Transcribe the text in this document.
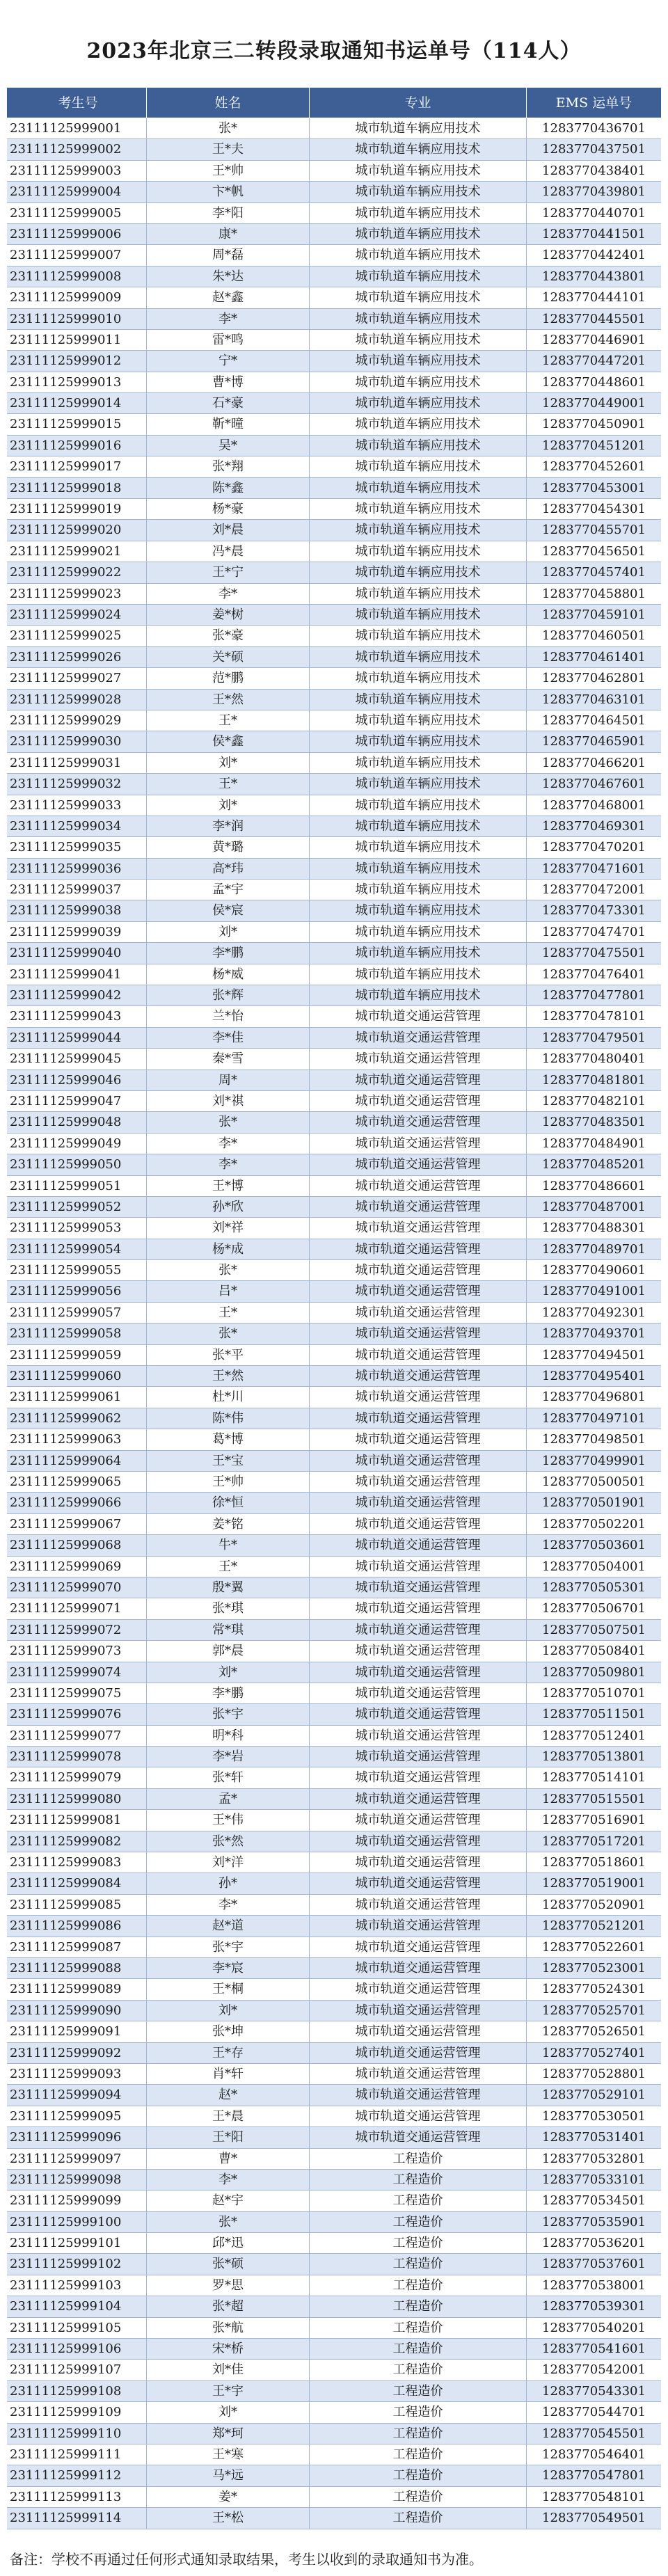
2023年北京三二转段录取通知书运单号（114人）
考生号	姓名	专业	EMS 运单号
23111125999001	张*	城市轨道车辆应用技术	1283770436701
23111125999002	王*夫	城市轨道车辆应用技术	1283770437501
23111125999003	王*帅	城市轨道车辆应用技术	1283770438401
23111125999004	卞*帆	城市轨道车辆应用技术	1283770439801
23111125999005	李*阳	城市轨道车辆应用技术	1283770440701
23111125999006	康*	城市轨道车辆应用技术	1283770441501
23111125999007	周*磊	城市轨道车辆应用技术	1283770442401
23111125999008	朱*达	城市轨道车辆应用技术	1283770443801
23111125999009	赵*鑫	城市轨道车辆应用技术	1283770444101
23111125999010	李*	城市轨道车辆应用技术	1283770445501
23111125999011	雷*鸣	城市轨道车辆应用技术	1283770446901
23111125999012	宁*	城市轨道车辆应用技术	1283770447201
23111125999013	曹*博	城市轨道车辆应用技术	1283770448601
23111125999014	石*豪	城市轨道车辆应用技术	1283770449001
23111125999015	靳*曈	城市轨道车辆应用技术	1283770450901
23111125999016	吴*	城市轨道车辆应用技术	1283770451201
23111125999017	张*翔	城市轨道车辆应用技术	1283770452601
23111125999018	陈*鑫	城市轨道车辆应用技术	1283770453001
23111125999019	杨*豪	城市轨道车辆应用技术	1283770454301
23111125999020	刘*晨	城市轨道车辆应用技术	1283770455701
23111125999021	冯*晨	城市轨道车辆应用技术	1283770456501
23111125999022	王*宁	城市轨道车辆应用技术	1283770457401
23111125999023	李*	城市轨道车辆应用技术	1283770458801
23111125999024	姜*树	城市轨道车辆应用技术	1283770459101
23111125999025	张*豪	城市轨道车辆应用技术	1283770460501
23111125999026	关*硕	城市轨道车辆应用技术	1283770461401
23111125999027	范*鹏	城市轨道车辆应用技术	1283770462801
23111125999028	王*然	城市轨道车辆应用技术	1283770463101
23111125999029	王*	城市轨道车辆应用技术	1283770464501
23111125999030	侯*鑫	城市轨道车辆应用技术	1283770465901
23111125999031	刘*	城市轨道车辆应用技术	1283770466201
23111125999032	王*	城市轨道车辆应用技术	1283770467601
23111125999033	刘*	城市轨道车辆应用技术	1283770468001
23111125999034	李*润	城市轨道车辆应用技术	1283770469301
23111125999035	黄*璐	城市轨道车辆应用技术	1283770470201
23111125999036	高*玮	城市轨道车辆应用技术	1283770471601
23111125999037	孟*宇	城市轨道车辆应用技术	1283770472001
23111125999038	侯*宸	城市轨道车辆应用技术	1283770473301
23111125999039	刘*	城市轨道车辆应用技术	1283770474701
23111125999040	李*鹏	城市轨道车辆应用技术	1283770475501
23111125999041	杨*威	城市轨道车辆应用技术	1283770476401
23111125999042	张*辉	城市轨道车辆应用技术	1283770477801
23111125999043	兰*怡	城市轨道交通运营管理	1283770478101
23111125999044	李*佳	城市轨道交通运营管理	1283770479501
23111125999045	秦*雪	城市轨道交通运营管理	1283770480401
23111125999046	周*	城市轨道交通运营管理	1283770481801
23111125999047	刘*祺	城市轨道交通运营管理	1283770482101
23111125999048	张*	城市轨道交通运营管理	1283770483501
23111125999049	李*	城市轨道交通运营管理	1283770484901
23111125999050	李*	城市轨道交通运营管理	1283770485201
23111125999051	王*博	城市轨道交通运营管理	1283770486601
23111125999052	孙*欣	城市轨道交通运营管理	1283770487001
23111125999053	刘*祥	城市轨道交通运营管理	1283770488301
23111125999054	杨*成	城市轨道交通运营管理	1283770489701
23111125999055	张*	城市轨道交通运营管理	1283770490601
23111125999056	吕*	城市轨道交通运营管理	1283770491001
23111125999057	王*	城市轨道交通运营管理	1283770492301
23111125999058	张*	城市轨道交通运营管理	1283770493701
23111125999059	张*平	城市轨道交通运营管理	1283770494501
23111125999060	王*然	城市轨道交通运营管理	1283770495401
23111125999061	杜*川	城市轨道交通运营管理	1283770496801
23111125999062	陈*伟	城市轨道交通运营管理	1283770497101
23111125999063	葛*博	城市轨道交通运营管理	1283770498501
23111125999064	王*宝	城市轨道交通运营管理	1283770499901
23111125999065	王*帅	城市轨道交通运营管理	1283770500501
23111125999066	徐*恒	城市轨道交通运营管理	1283770501901
23111125999067	姜*铭	城市轨道交通运营管理	1283770502201
23111125999068	牛*	城市轨道交通运营管理	1283770503601
23111125999069	王*	城市轨道交通运营管理	1283770504001
23111125999070	殷*翼	城市轨道交通运营管理	1283770505301
23111125999071	张*琪	城市轨道交通运营管理	1283770506701
23111125999072	常*琪	城市轨道交通运营管理	1283770507501
23111125999073	郭*晨	城市轨道交通运营管理	1283770508401
23111125999074	刘*	城市轨道交通运营管理	1283770509801
23111125999075	李*鹏	城市轨道交通运营管理	1283770510701
23111125999076	张*宇	城市轨道交通运营管理	1283770511501
23111125999077	明*科	城市轨道交通运营管理	1283770512401
23111125999078	李*岩	城市轨道交通运营管理	1283770513801
23111125999079	张*轩	城市轨道交通运营管理	1283770514101
23111125999080	孟*	城市轨道交通运营管理	1283770515501
23111125999081	王*伟	城市轨道交通运营管理	1283770516901
23111125999082	张*然	城市轨道交通运营管理	1283770517201
23111125999083	刘*洋	城市轨道交通运营管理	1283770518601
23111125999084	孙*	城市轨道交通运营管理	1283770519001
23111125999085	李*	城市轨道交通运营管理	1283770520901
23111125999086	赵*道	城市轨道交通运营管理	1283770521201
23111125999087	张*宇	城市轨道交通运营管理	1283770522601
23111125999088	李*宸	城市轨道交通运营管理	1283770523001
23111125999089	王*桐	城市轨道交通运营管理	1283770524301
23111125999090	刘*	城市轨道交通运营管理	1283770525701
23111125999091	张*坤	城市轨道交通运营管理	1283770526501
23111125999092	王*存	城市轨道交通运营管理	1283770527401
23111125999093	肖*轩	城市轨道交通运营管理	1283770528801
23111125999094	赵*	城市轨道交通运营管理	1283770529101
23111125999095	王*晨	城市轨道交通运营管理	1283770530501
23111125999096	王*阳	城市轨道交通运营管理	1283770531401
23111125999097	曹*	工程造价	1283770532801
23111125999098	李*	工程造价	1283770533101
23111125999099	赵*宇	工程造价	1283770534501
23111125999100	张*	工程造价	1283770535901
23111125999101	邱*迅	工程造价	1283770536201
23111125999102	张*硕	工程造价	1283770537601
23111125999103	罗*思	工程造价	1283770538001
23111125999104	张*超	工程造价	1283770539301
23111125999105	张*航	工程造价	1283770540201
23111125999106	宋*桥	工程造价	1283770541601
23111125999107	刘*佳	工程造价	1283770542001
23111125999108	王*宇	工程造价	1283770543301
23111125999109	刘*	工程造价	1283770544701
23111125999110	郑*珂	工程造价	1283770545501
23111125999111	王*寒	工程造价	1283770546401
23111125999112	马*远	工程造价	1283770547801
23111125999113	姜*	工程造价	1283770548101
23111125999114	王*松	工程造价	1283770549501
备注：学校不再通过任何形式通知录取结果，考生以收到的录取通知书为准。
